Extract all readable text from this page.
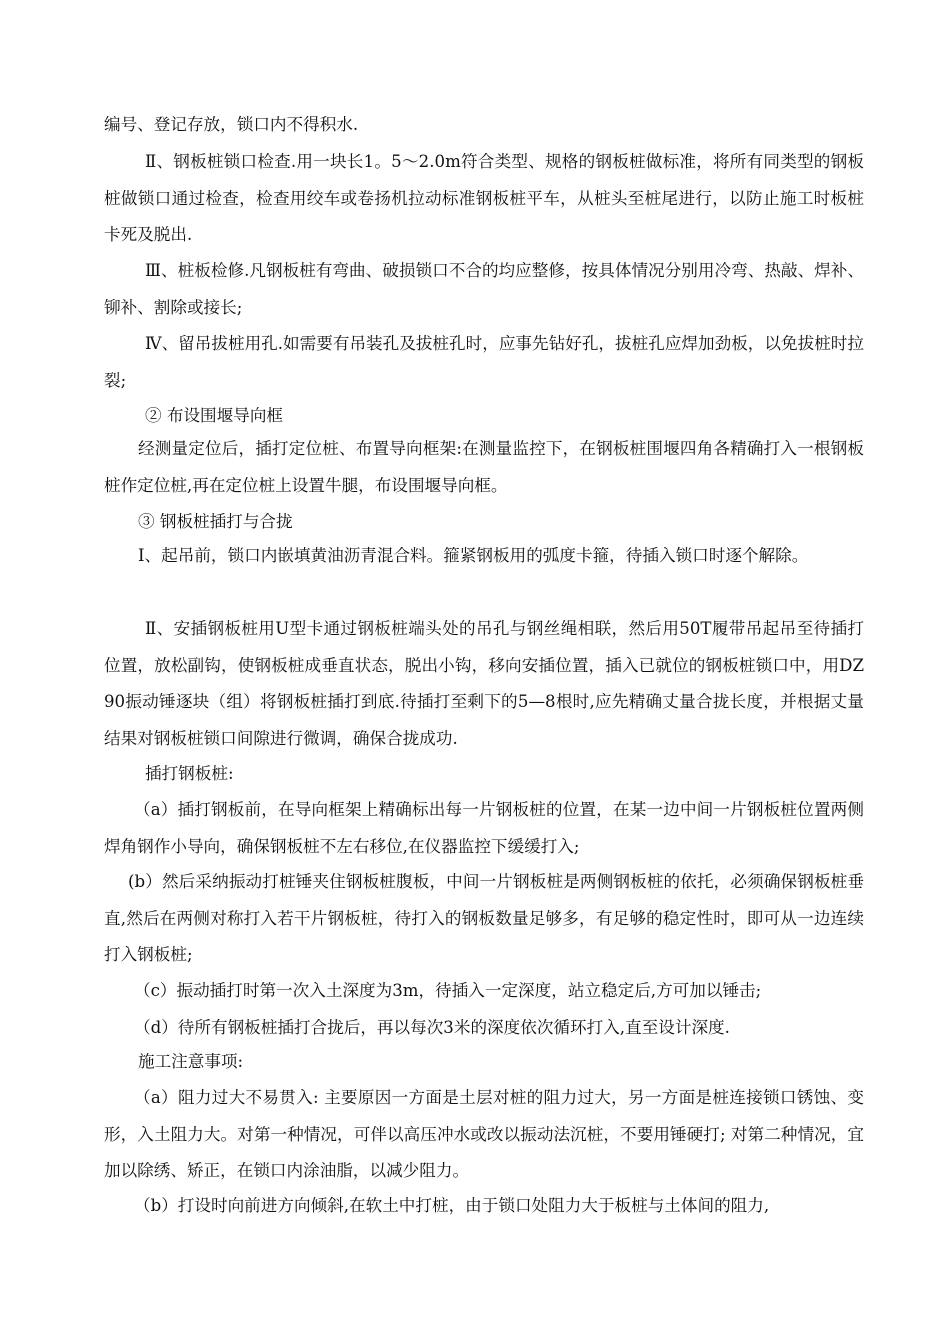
编号、登记存放，锁口内不得积水.

Ⅱ、钢板桩锁口检查.用一块长1。5～2.0m符合类型、规格的钢板桩做标准，将所有同类型的钢板桩做锁口通过检查，检查用绞车或卷扬机拉动标准钢板桩平车，从桩头至桩尾进行，以防止施工时板桩卡死及脱出.

Ⅲ、桩板检修.凡钢板桩有弯曲、破损锁口不合的均应整修，按具体情况分别用冷弯、热敲、焊补、铆补、割除或接长;

Ⅳ、留吊拔桩用孔.如需要有吊装孔及拔桩孔时，应事先钻好孔，拔桩孔应焊加劲板，以免拔桩时拉裂;

② 布设围堰导向框

经测量定位后，插打定位桩、布置导向框架:在测量监控下，在钢板桩围堰四角各精确打入一根钢板桩作定位桩,再在定位桩上设置牛腿，布设围堰导向框。

③ 钢板桩插打与合拢

Ⅰ、起吊前，锁口内嵌填黄油沥青混合料。箍紧钢板用的弧度卡箍，待插入锁口时逐个解除。

Ⅱ、安插钢板桩用U型卡通过钢板桩端头处的吊孔与钢丝绳相联，然后用50T履带吊起吊至待插打位置，放松副钩，使钢板桩成垂直状态，脱出小钩，移向安插位置，插入已就位的钢板桩锁口中，用DZ90振动锤逐块（组）将钢板桩插打到底.待插打至剩下的5—8根时,应先精确丈量合拢长度，并根据丈量结果对钢板桩锁口间隙进行微调，确保合拢成功.

插打钢板桩:

（a）插打钢板前，在导向框架上精确标出每一片钢板桩的位置，在某一边中间一片钢板桩位置两侧焊角钢作小导向，确保钢板桩不左右移位,在仪器监控下缓缓打入;

(b）然后采纳振动打桩锤夹住钢板桩腹板，中间一片钢板桩是两侧钢板桩的依托，必须确保钢板桩垂直,然后在两侧对称打入若干片钢板桩，待打入的钢板数量足够多，有足够的稳定性时，即可从一边连续打入钢板桩;

（c）振动插打时第一次入土深度为3m，待插入一定深度，站立稳定后,方可加以锤击;

（d）待所有钢板桩插打合拢后，再以每次3米的深度依次循环打入,直至设计深度.

施工注意事项:

（a）阻力过大不易贯入: 主要原因一方面是土层对桩的阻力过大，另一方面是桩连接锁口锈蚀、变形，入土阻力大。对第一种情况，可伴以高压冲水或改以振动法沉桩，不要用锤硬打; 对第二种情况，宜加以除绣、矫正，在锁口内涂油脂，以减少阻力。

（b）打设时向前进方向倾斜,在软土中打桩，由于锁口处阻力大于板桩与土体间的阻力,
